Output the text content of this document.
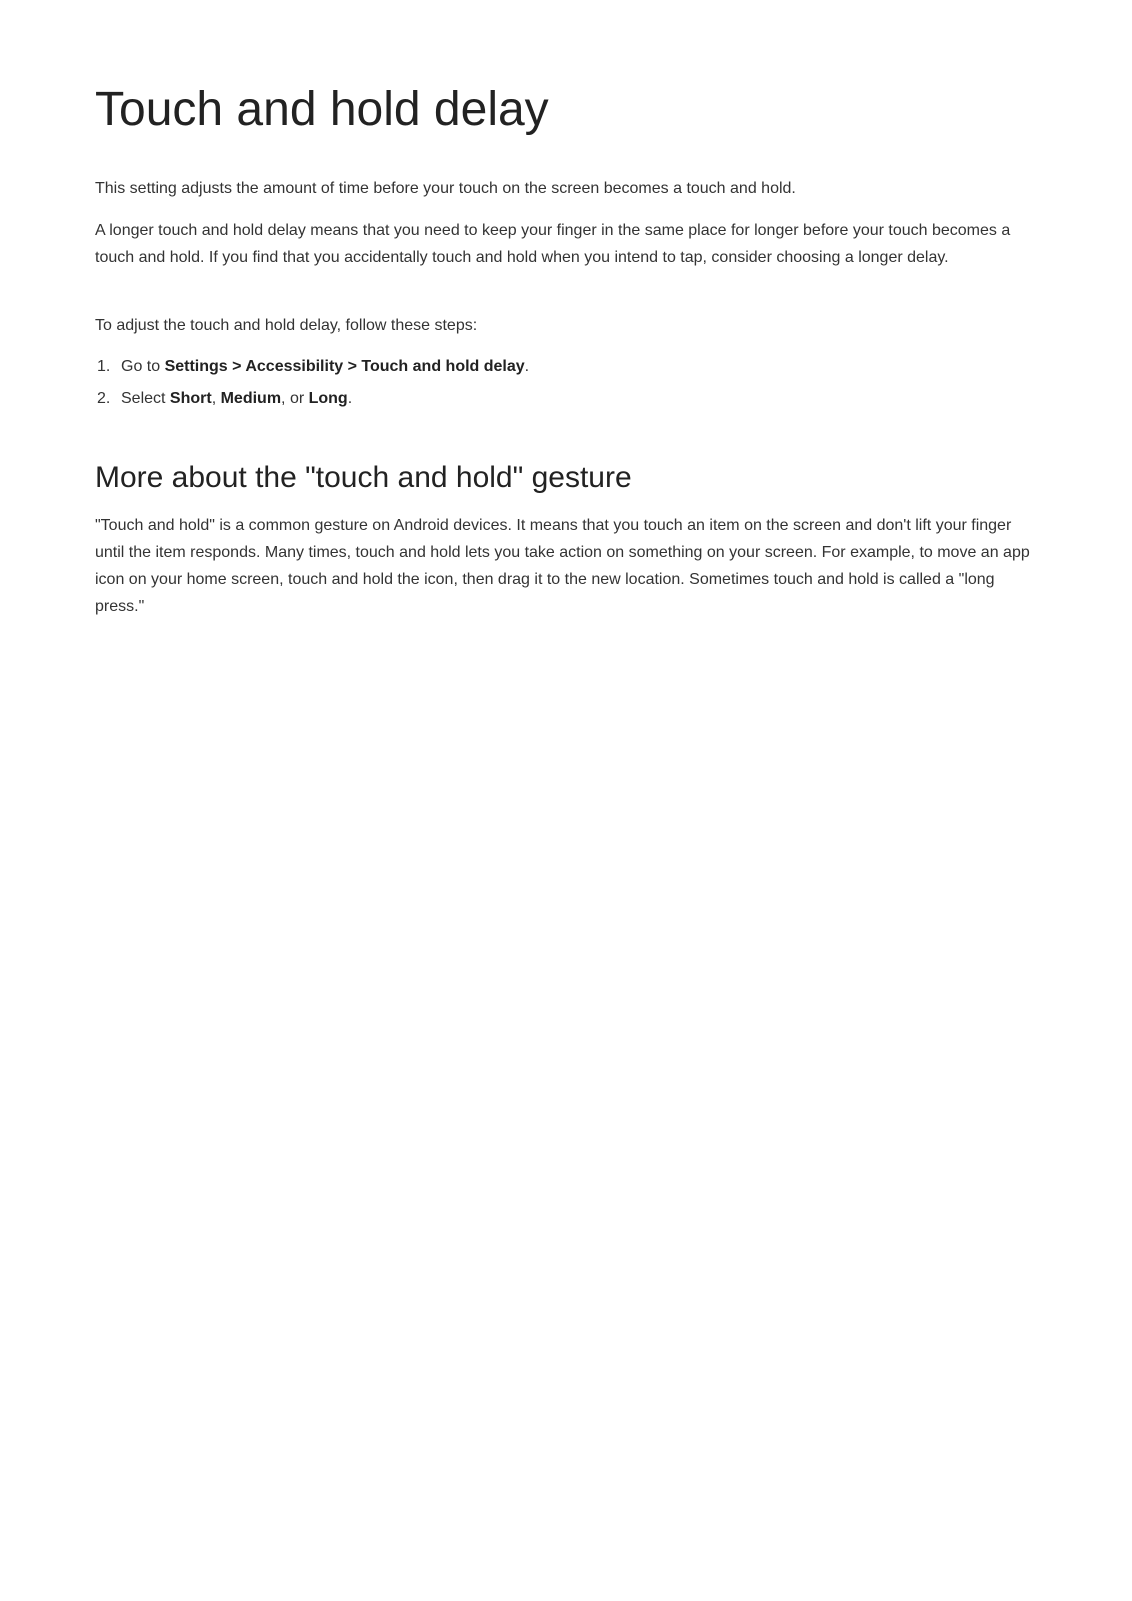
Touch and hold delay

This setting adjusts the amount of time before your touch on the screen becomes a touch and hold.

A longer touch and hold delay means that you need to keep your finger in the same place for longer before your touch becomes a touch and hold. If you find that you accidentally touch and hold when you intend to tap, consider choosing a longer delay.

To adjust the touch and hold delay, follow these steps:

1. Go to Settings > Accessibility > Touch and hold delay.
2. Select Short, Medium, or Long.
More about the "touch and hold" gesture

"Touch and hold" is a common gesture on Android devices. It means that you touch an item on the screen and don't lift your finger until the item responds. Many times, touch and hold lets you take action on something on your screen. For example, to move an app icon on your home screen, touch and hold the icon, then drag it to the new location. Sometimes touch and hold is called a "long press."
